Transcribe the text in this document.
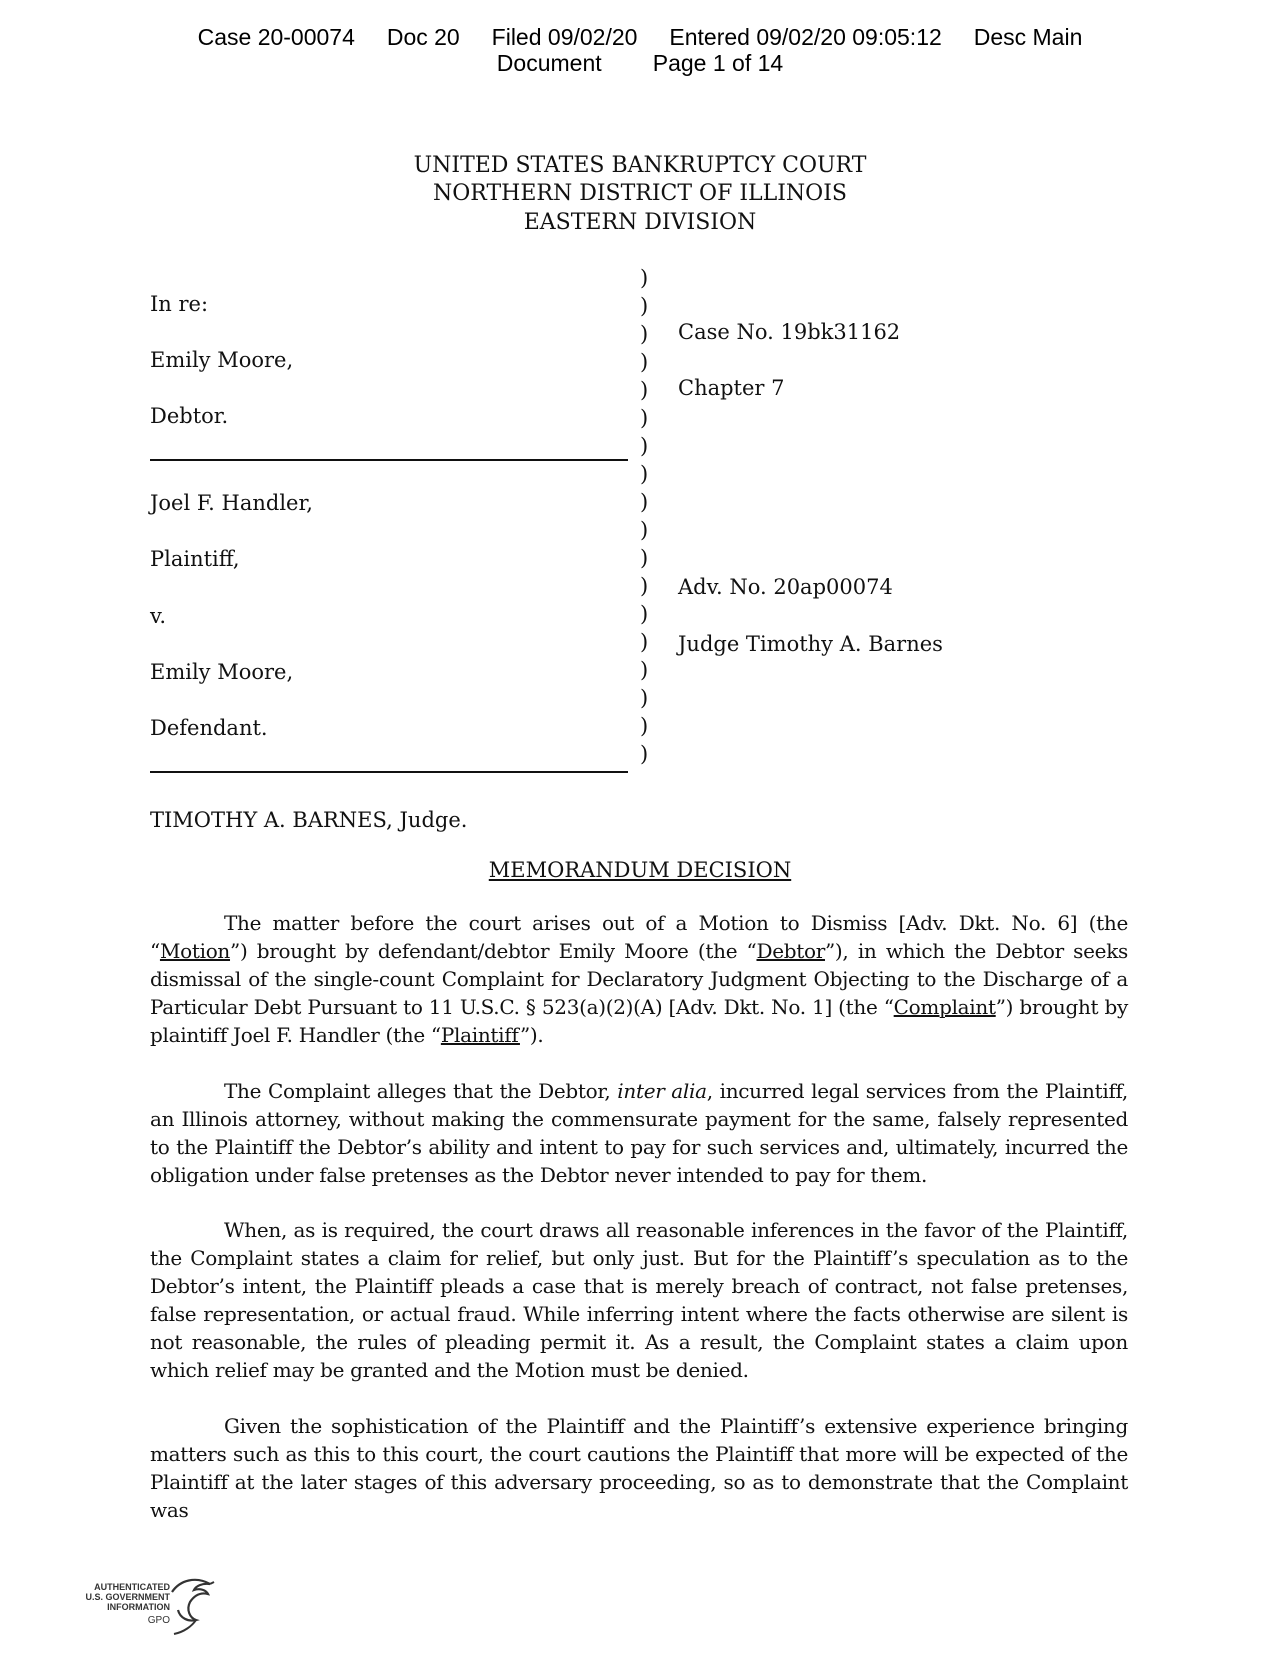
Case 20-00074     Doc 20     Filed 09/02/20     Entered 09/02/20 09:05:12     Desc Main
Document        Page 1 of 14
UNITED STATES BANKRUPTCY COURT
NORTHERN DISTRICT OF ILLINOIS
EASTERN DIVISION
In re:
Emily Moore,
Debtor.
Joel F. Handler,
Plaintiff,
v.
Emily Moore,
Defendant.
)
)
)
)
)
)
)
)
)
)
)
)
)
)
)
)
)
)
Case No. 19bk31162
Chapter 7
Adv. No. 20ap00074
Judge Timothy A. Barnes
TIMOTHY A. BARNES, Judge.
MEMORANDUM DECISION
The matter before the court arises out of a Motion to Dismiss [Adv. Dkt. No. 6] (the “Motion”) brought by defendant/debtor Emily Moore (the “Debtor”), in which the Debtor seeks dismissal of the single-count Complaint for Declaratory Judgment Objecting to the Discharge of a Particular Debt Pursuant to 11 U.S.C. § 523(a)(2)(A) [Adv. Dkt. No. 1] (the “Complaint”) brought by plaintiff Joel F. Handler (the “Plaintiff”).
The Complaint alleges that the Debtor, inter alia, incurred legal services from the Plaintiff, an Illinois attorney, without making the commensurate payment for the same, falsely represented to the Plaintiff the Debtor’s ability and intent to pay for such services and, ultimately, incurred the obligation under false pretenses as the Debtor never intended to pay for them.
When, as is required, the court draws all reasonable inferences in the favor of the Plaintiff, the Complaint states a claim for relief, but only just. But for the Plaintiff’s speculation as to the Debtor’s intent, the Plaintiff pleads a case that is merely breach of contract, not false pretenses, false representation, or actual fraud. While inferring intent where the facts otherwise are silent is not reasonable, the rules of pleading permit it. As a result, the Complaint states a claim upon which relief may be granted and the Motion must be denied.
Given the sophistication of the Plaintiff and the Plaintiff’s extensive experience bringing matters such as this to this court, the court cautions the Plaintiff that more will be expected of the Plaintiff at the later stages of this adversary proceeding, so as to demonstrate that the Complaint was
AUTHENTICATED
U.S. GOVERNMENT
INFORMATION
GPO
